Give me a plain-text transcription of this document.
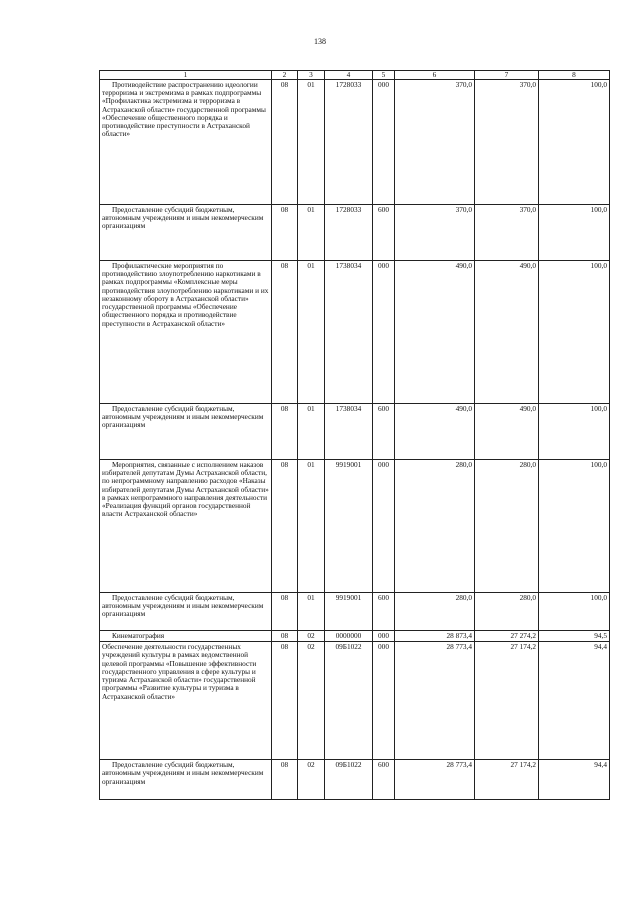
138
1	2	3	4	5	6	7	8
Противодействие распространению идеологии терроризма и экстремизма в рамках подпрограммы «Профилактика экстремизма и терроризма в Астраханской области» государственной программы «Обеспечение общественного порядка и противодействие преступности в Астраханской области»	08	01	1728033	000	370,0	370,0	100,0
Предоставление субсидий бюджетным, автономным учреждениям и иным некоммерческим организациям	08	01	1728033	600	370,0	370,0	100,0
Профилактические мероприятия по противодействию злоупотреблению наркотиками в рамках подпрограммы «Комплексные меры противодействия злоупотреблению наркотиками и их незаконному обороту в Астраханской области» государственной программы «Обеспечение общественного порядка и противодействие преступности в Астраханской области»	08	01	1738034	000	490,0	490,0	100,0
Предоставление субсидий бюджетным, автономным учреждениям и иным некоммерческим организациям	08	01	1738034	600	490,0	490,0	100,0
Мероприятия, связанные с исполнением наказов избирателей депутатам Думы Астраханской области, по непрограммному направлению расходов «Наказы избирателей депутатам Думы Астраханской области» в рамках непрограммного направления деятельности «Реализация функций органов государственной власти Астраханской области»	08	01	9919001	000	280,0	280,0	100,0
Предоставление субсидий бюджетным, автономным учреждениям и иным некоммерческим организациям	08	01	9919001	600	280,0	280,0	100,0
Кинематография	08	02	0000000	000	28 873,4	27 274,2	94,5
Обеспечение деятельности государственных учреждений культуры в рамках ведомственной целевой программы «Повышение эффективности государственного управления в сфере культуры и туризма Астраханской области» государственной программы «Развитие культуры и туризма в Астраханской области»	08	02	09Б1022	000	28 773,4	27 174,2	94,4
Предоставление субсидий бюджетным, автономным учреждениям и иным некоммерческим организациям	08	02	09Б1022	600	28 773,4	27 174,2	94,4
